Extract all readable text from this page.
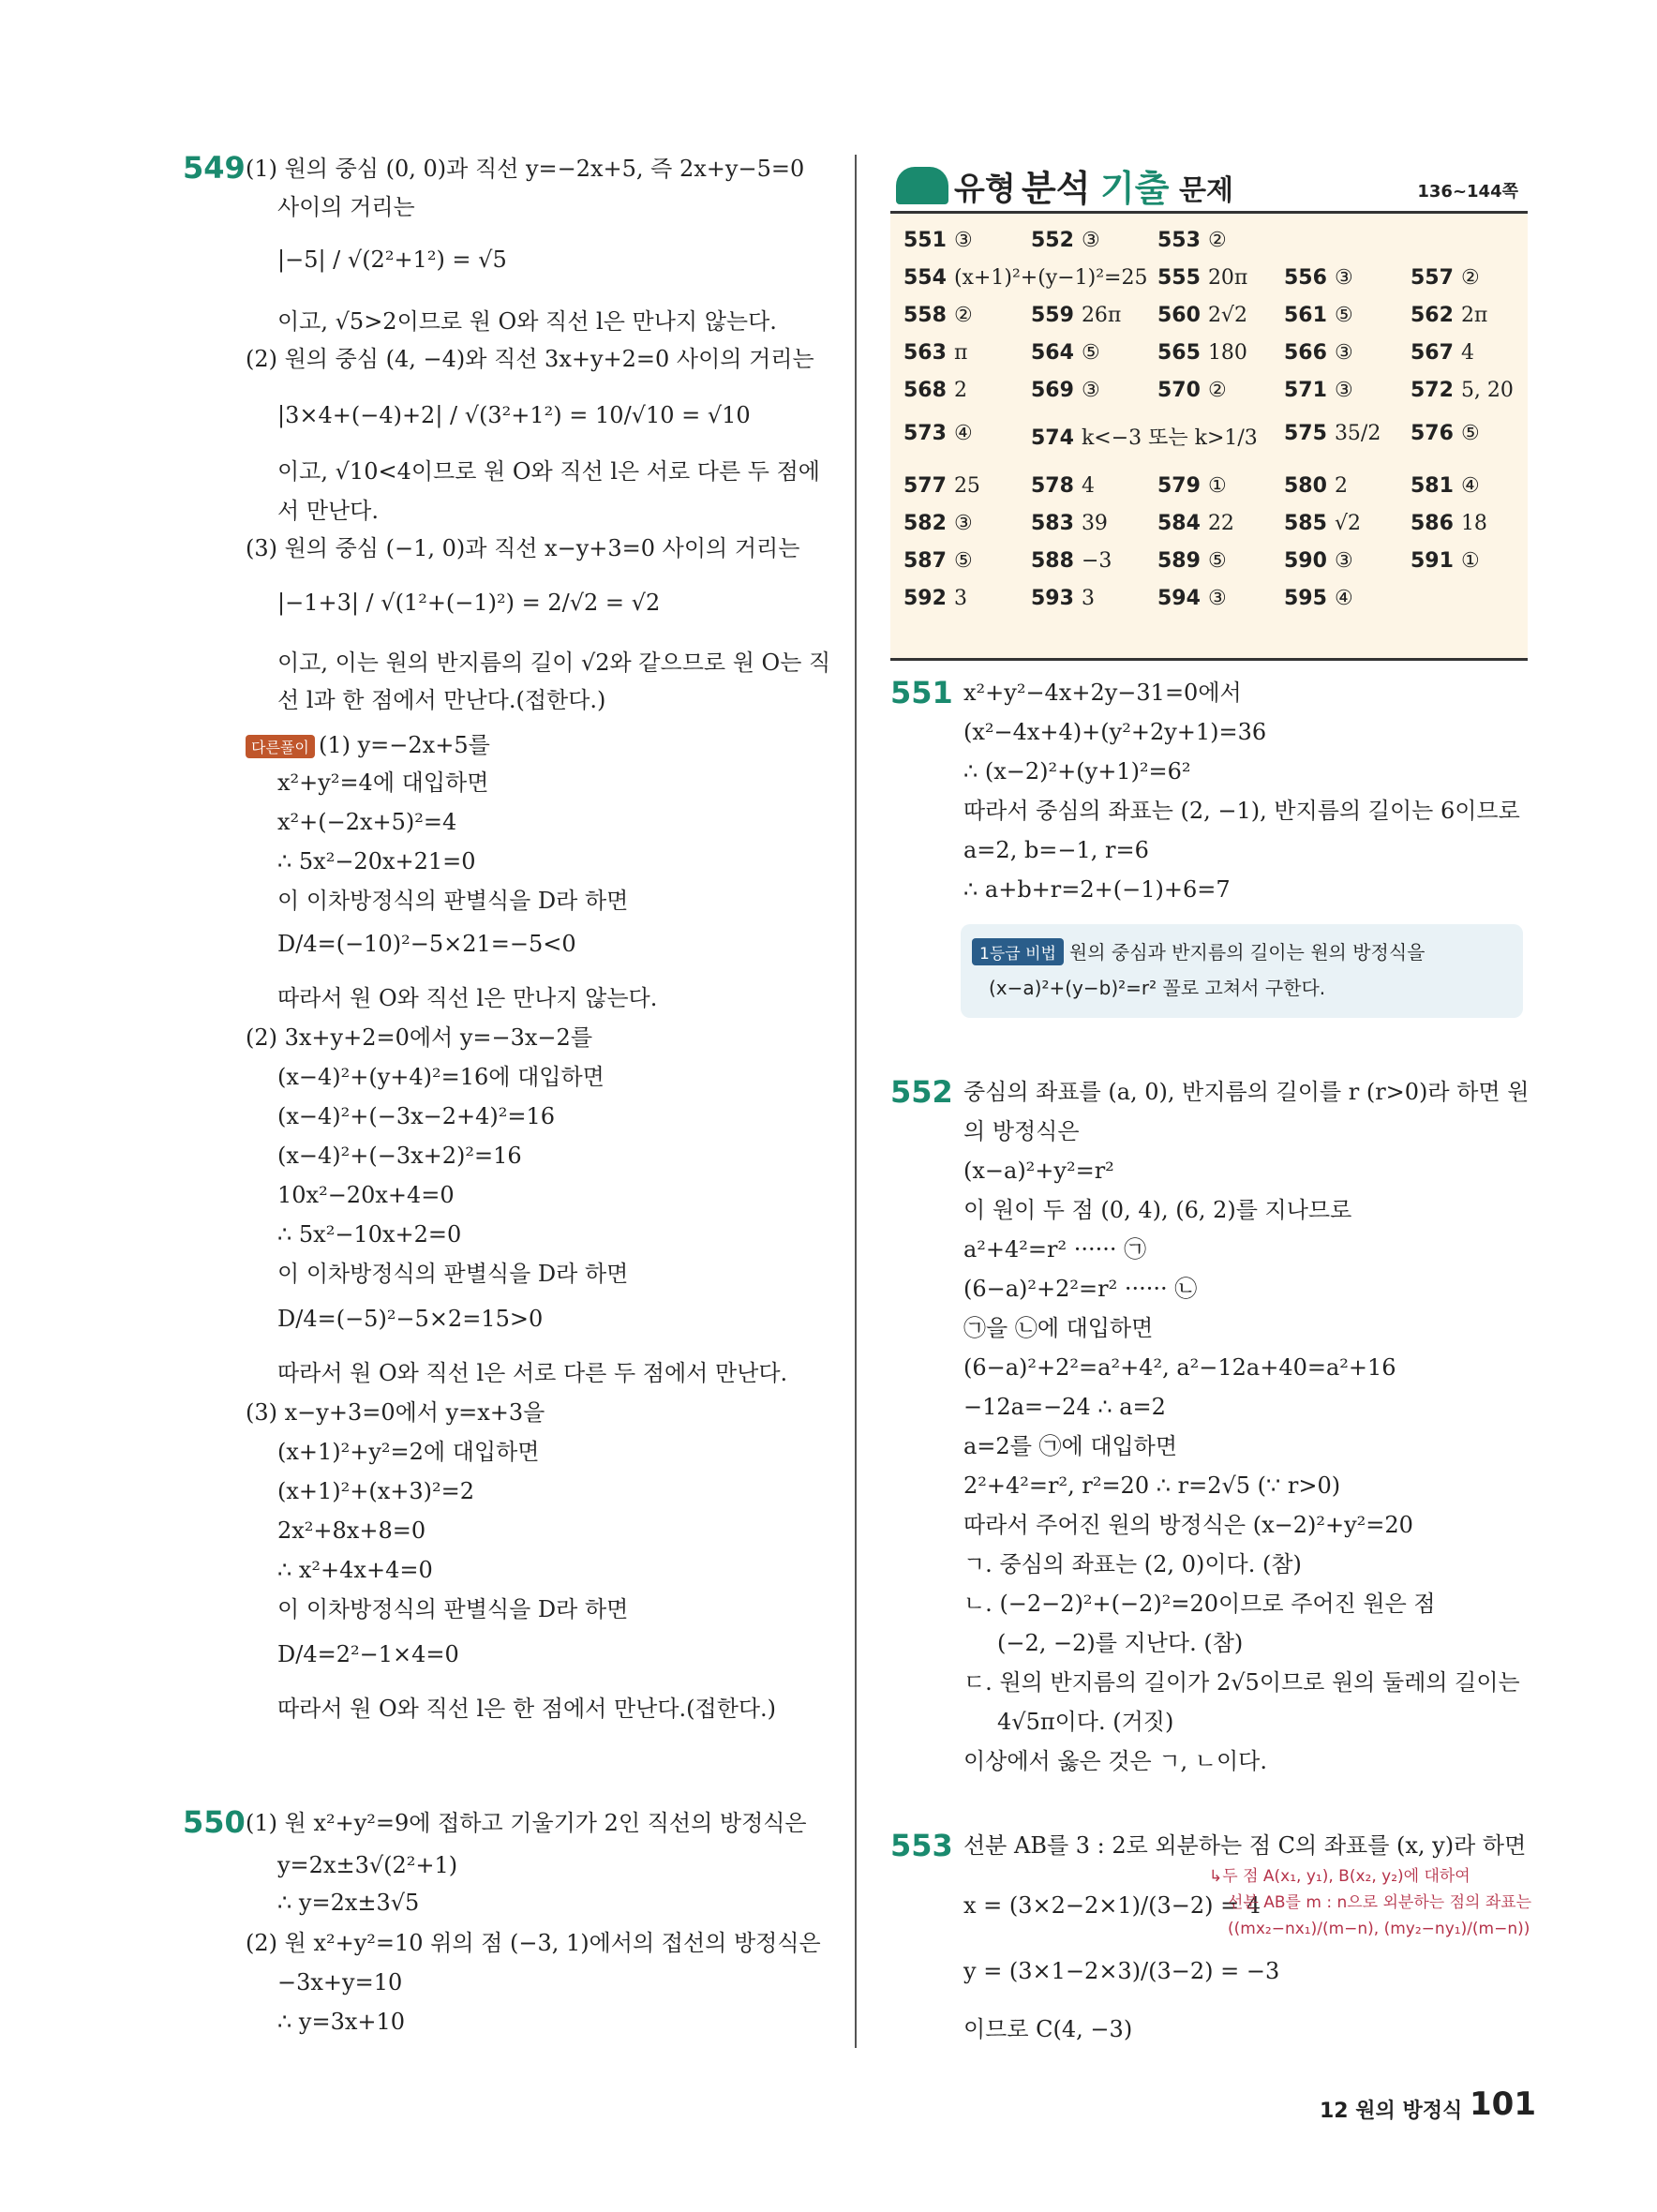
549 (1) 원의 중심 (0, 0)과 직선 y=−2x+5, 즉 2x+y−5=0
사이의 거리는
|−5| / √(2²+1²) = √5
이고, √5>2이므로 원 O와 직선 l은 만나지 않는다.
(2) 원의 중심 (4, −4)와 직선 3x+y+2=0 사이의 거리는
|3×4+(−4)+2| / √(3²+1²) = 10/√10 = √10
이고, √10<4이므로 원 O와 직선 l은 서로 다른 두 점에
서 만난다.
(3) 원의 중심 (−1, 0)과 직선 x−y+3=0 사이의 거리는
|−1+3| / √(1²+(−1)²) = 2/√2 = √2
이고, 이는 원의 반지름의 길이 √2와 같으므로 원 O는 직
선 l과 한 점에서 만난다.(접한다.)
(1) y=−2x+5를
x²+y²=4에 대입하면
x²+(−2x+5)²=4
∴ 5x²−20x+21=0
이 이차방정식의 판별식을 D라 하면
D/4=(−10)²−5×21=−5<0
따라서 원 O와 직선 l은 만나지 않는다.
(2) 3x+y+2=0에서 y=−3x−2를
(x−4)²+(y+4)²=16에 대입하면
(x−4)²+(−3x−2+4)²=16
(x−4)²+(−3x+2)²=16
10x²−20x+4=0
∴ 5x²−10x+2=0
이 이차방정식의 판별식을 D라 하면
D/4=(−5)²−5×2=15>0
따라서 원 O와 직선 l은 서로 다른 두 점에서 만난다.
(3) x−y+3=0에서 y=x+3을
(x+1)²+y²=2에 대입하면
(x+1)²+(x+3)²=2
2x²+8x+8=0
∴ x²+4x+4=0
이 이차방정식의 판별식을 D라 하면
D/4=2²−1×4=0
따라서 원 O와 직선 l은 한 점에서 만난다.(접한다.)
다른풀이
550 (1) 원 x²+y²=9에 접하고 기울기가 2인 직선의 방정식은
y=2x±3√(2²+1)
∴ y=2x±3√5
(2) 원 x²+y²=10 위의 점 (−3, 1)에서의 접선의 방정식은
−3x+y=10
∴ y=3x+10
유형 분석 기출 문제	136~144쪽
551 ③	552 ③	553 ②
554 (x+1)²+(y−1)²=25 555 20π 556 ③	557 ②
558 ②	559 26π 560 2√2 561 ⑤	562 2π
563 π	564 ⑤	565 180 566 ③	567 4
568 2	569 ③	570 ②	571 ③	572 5, 20
573 ④	574 k<−3 또는 k>1/3 575 35/2 576 ⑤
577 25 578 4	579 ①	580 2	581 ④
582 ③	583 39 584 22 585 √2 586 18
587 ⑤	588 −3 589 ⑤	590 ③	591 ①
592 3	593 3	594 ③	595 ④
551 x²+y²−4x+2y−31=0에서
(x²−4x+4)+(y²+2y+1)=36
∴ (x−2)²+(y+1)²=6²
따라서 중심의 좌표는 (2, −1), 반지름의 길이는 6이므로
a=2, b=−1, r=6
∴ a+b+r=2+(−1)+6=7
1등급 비법 원의 중심과 반지름의 길이는 원의 방정식을
(x−a)²+(y−b)²=r² 꼴로 고쳐서 구한다.
552 중심의 좌표를 (a, 0), 반지름의 길이를 r (r>0)라 하면 원
의 방정식은
(x−a)²+y²=r²
이 원이 두 점 (0, 4), (6, 2)를 지나므로
a²+4²=r² ······ ㉠
(6−a)²+2²=r² ······ ㉡
㉠을 ㉡에 대입하면
(6−a)²+2²=a²+4², a²−12a+40=a²+16
−12a=−24 ∴ a=2
a=2를 ㉠에 대입하면
2²+4²=r², r²=20 ∴ r=2√5 (∵ r>0)
따라서 주어진 원의 방정식은 (x−2)²+y²=20
ㄱ. 중심의 좌표는 (2, 0)이다. (참)
ㄴ. (−2−2)²+(−2)²=20이므로 주어진 원은 점
(−2, −2)를 지난다. (참)
ㄷ. 원의 반지름의 길이가 2√5이므로 원의 둘레의 길이는
4√5π이다. (거짓)
이상에서 옳은 것은 ㄱ, ㄴ이다.
553 선분 AB를 3 : 2로 외분하는 점 C의 좌표를 (x, y)라 하면
x = (3×2−2×1)/(3−2) = 4
y = (3×1−2×3)/(3−2) = −3
이므로 C(4, −3)
↳두 점 A(x₁, y₁), B(x₂, y₂)에 대하여
선분 AB를 m : n으로 외분하는 점의 좌표는
((mx₂−nx₁)/(m−n), (my₂−ny₁)/(m−n))
12 원의 방정식 101
